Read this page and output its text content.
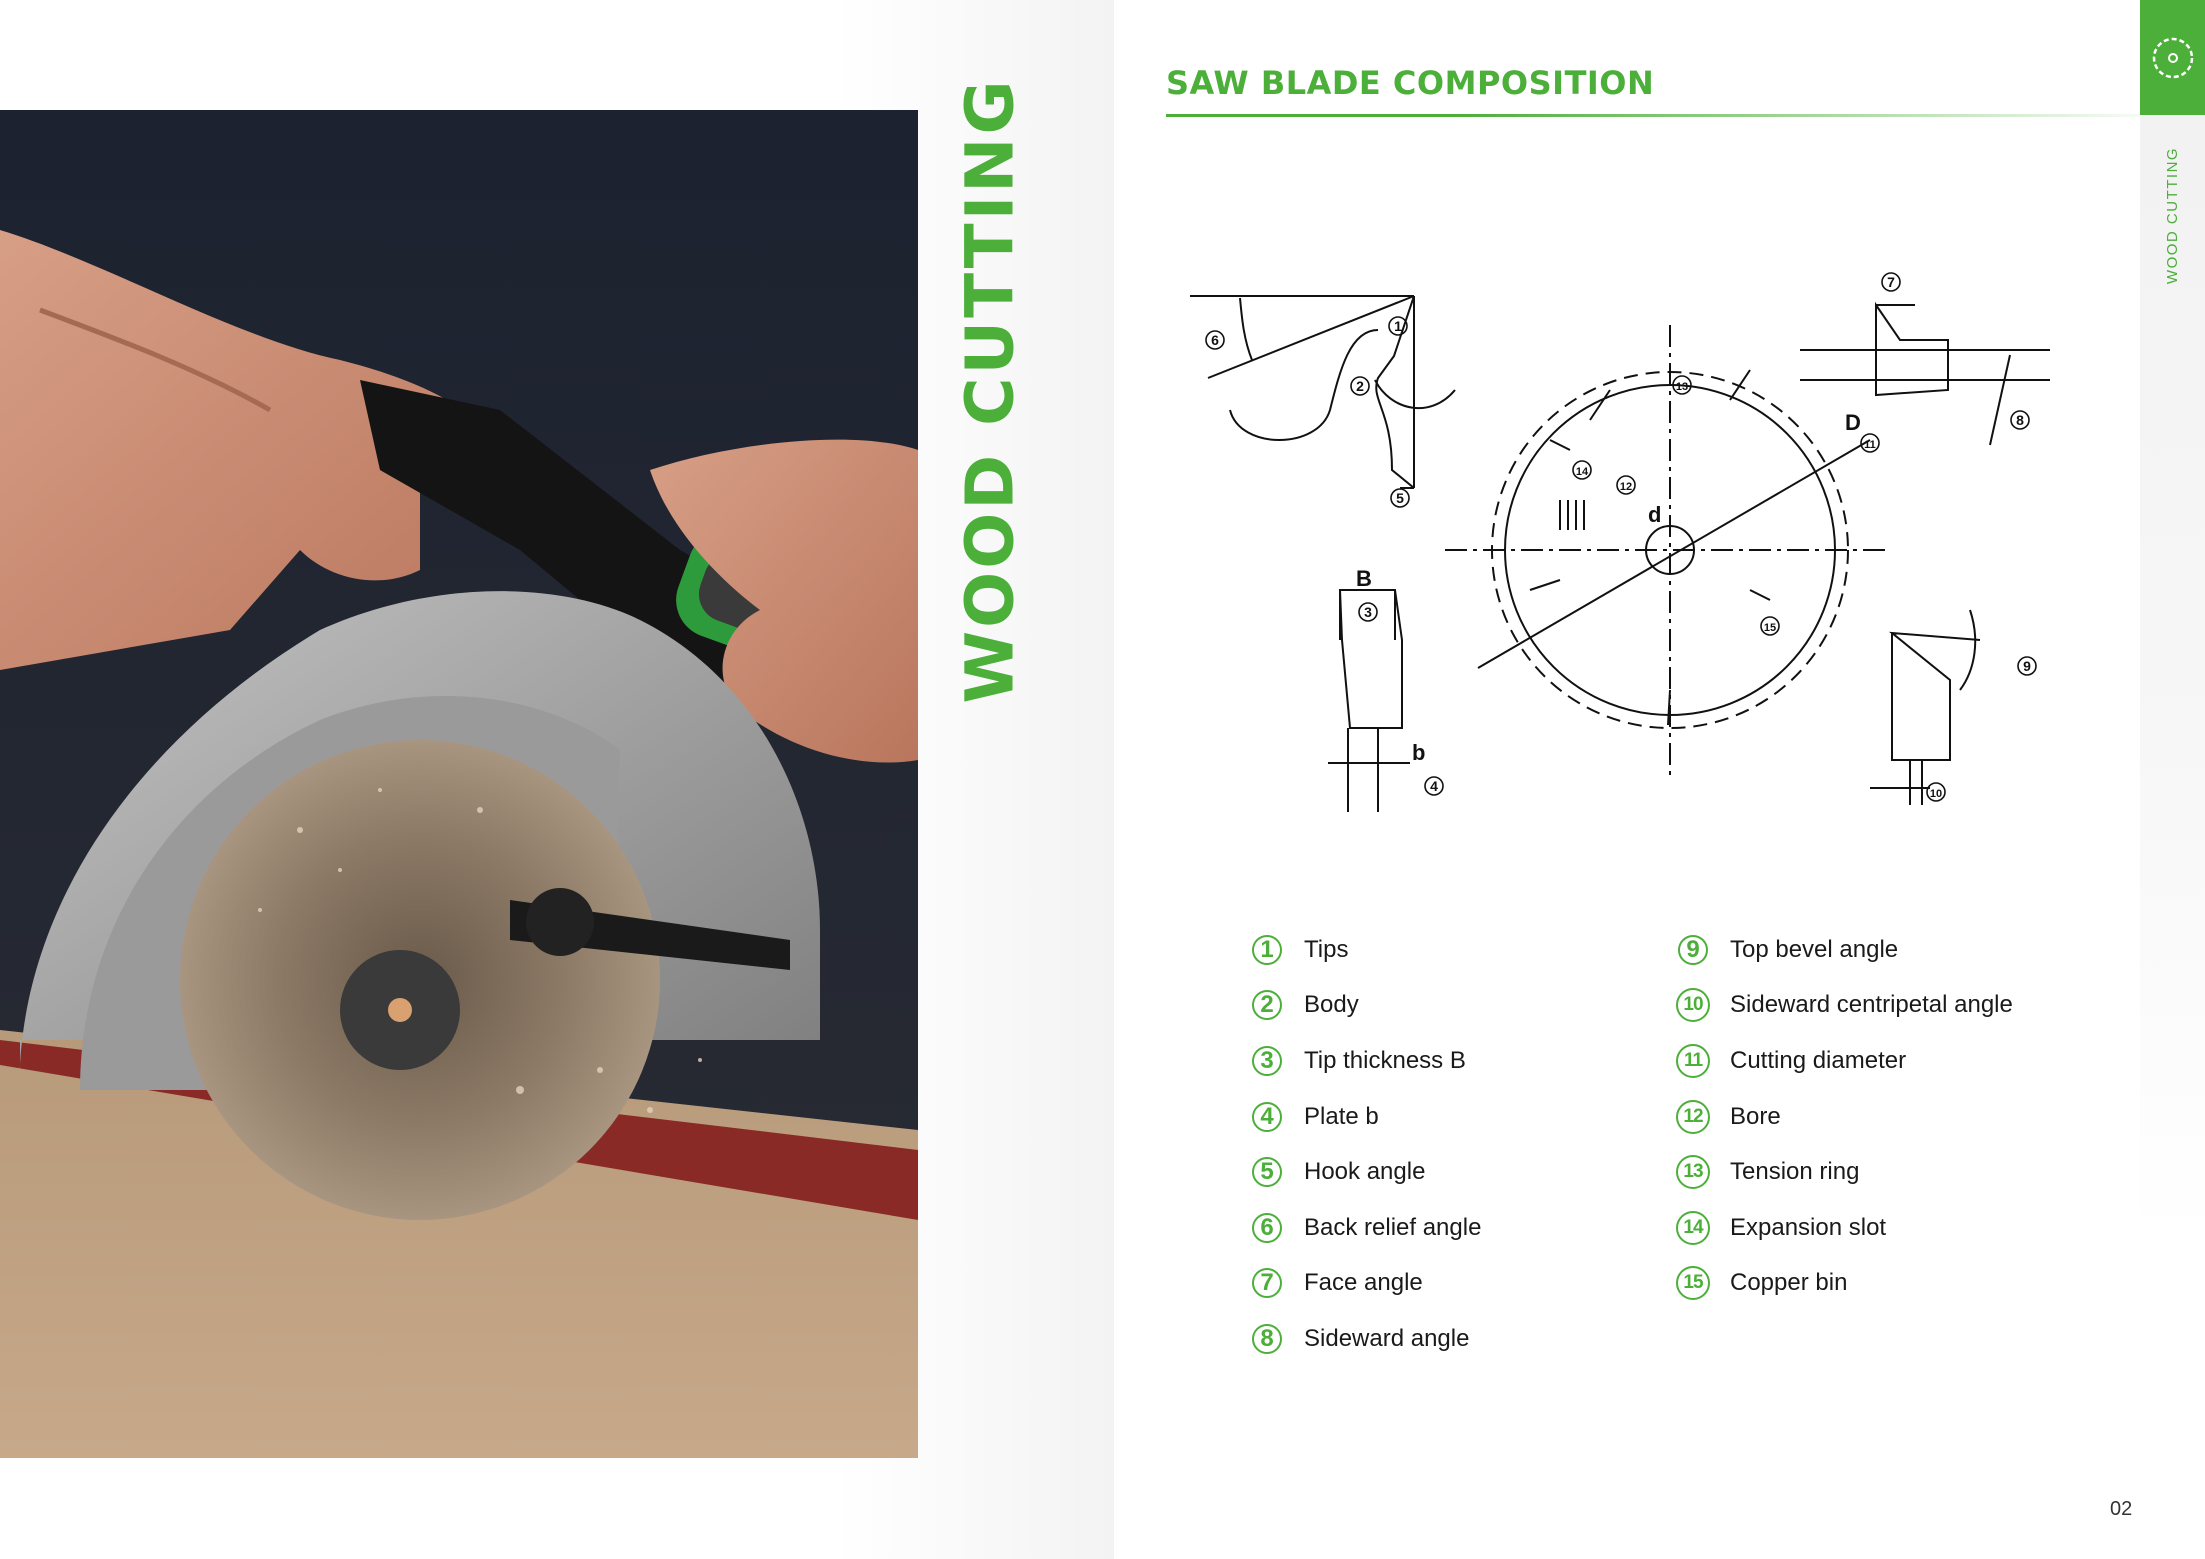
WOOD CUTTING	SAW BLADE COMPOSITION
WOOD CUTTING
1
2
5
6
7
8
11
13
12
14
15
9
10
3
4
B
b
d
D
1	Tips
2	Body
3	Tip thickness B
4	Plate b
5	Hook angle
6	Back relief angle
7	Face angle
8	Sideward angle
9	Top bevel angle
10	Sideward centripetal angle
11	Cutting diameter
12	Bore
13	Tension ring
14	Expansion slot
15	Copper bin
02
